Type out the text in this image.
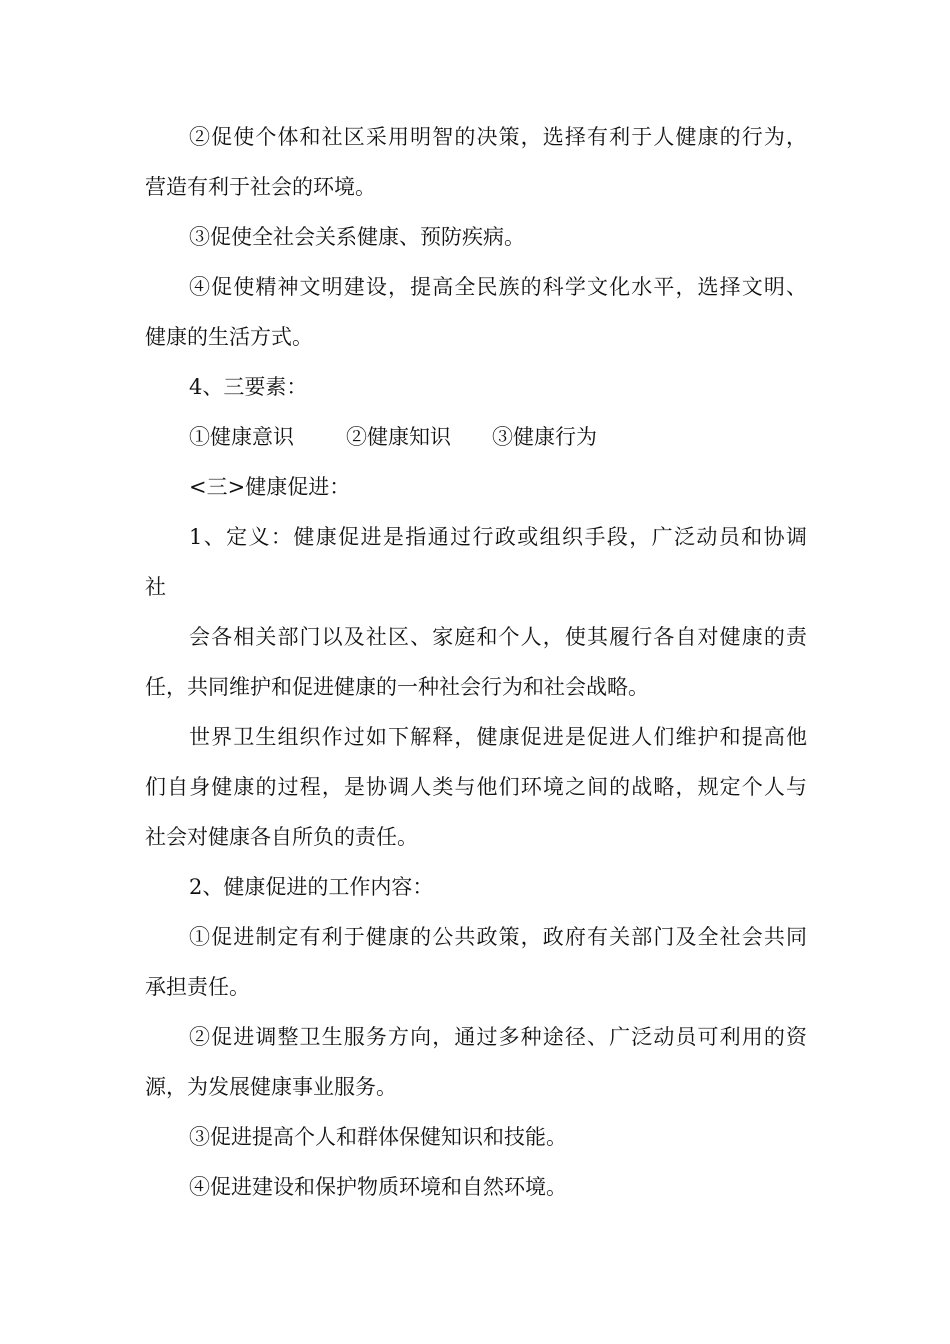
②促使个体和社区采用明智的决策，选择有利于人健康的行为，
营造有利于社会的环境。
③促使全社会关系健康、预防疾病。
④促使精神文明建设，提高全民族的科学文化水平，选择文明、
健康的生活方式。
4、三要素：
①健康意识	②健康知识	③健康行为
<三>健康促进：
1、定义：健康促进是指通过行政或组织手段，广泛动员和协调
社
会各相关部门以及社区、家庭和个人，使其履行各自对健康的责
任，共同维护和促进健康的一种社会行为和社会战略。
世界卫生组织作过如下解释，健康促进是促进人们维护和提高他
们自身健康的过程，是协调人类与他们环境之间的战略，规定个人与
社会对健康各自所负的责任。
2、健康促进的工作内容：
①促进制定有利于健康的公共政策，政府有关部门及全社会共同
承担责任。
②促进调整卫生服务方向，通过多种途径、广泛动员可利用的资
源，为发展健康事业服务。
③促进提高个人和群体保健知识和技能。
④促进建设和保护物质环境和自然环境。
